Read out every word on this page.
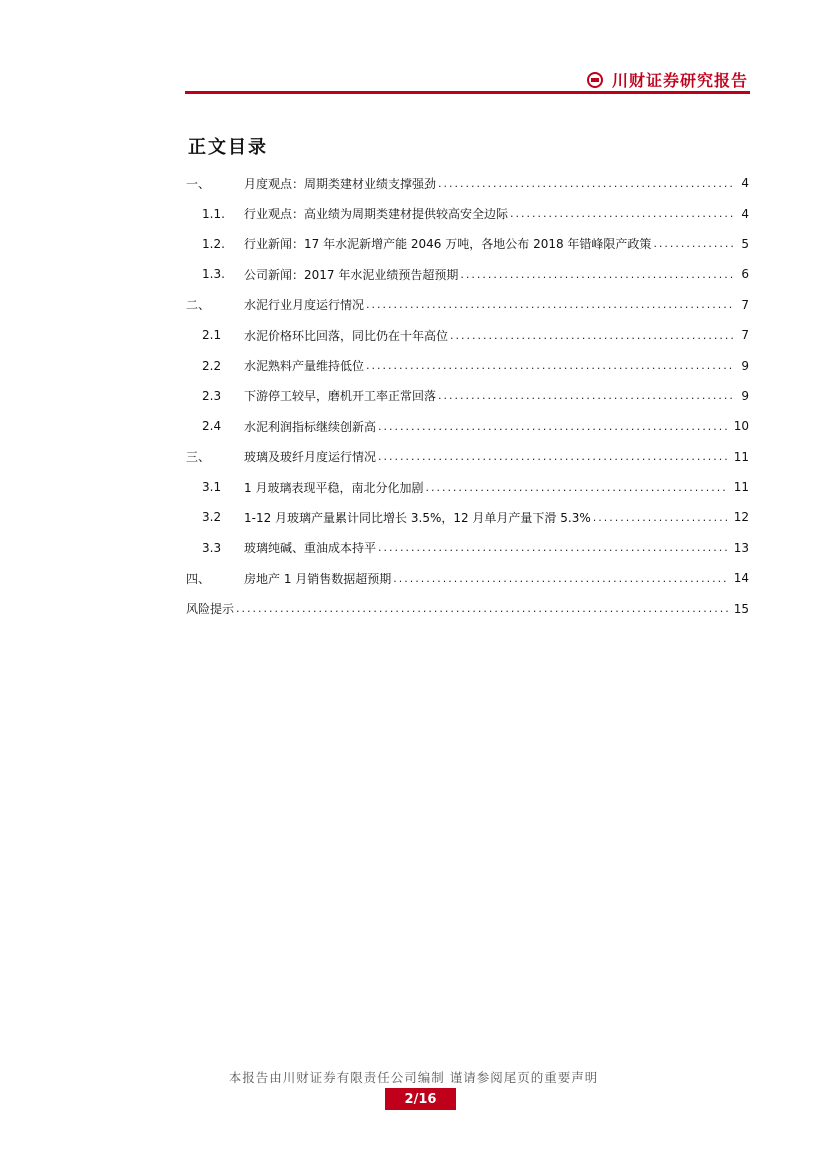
川财证券研究报告
正文目录
一、	月度观点：周期类建材业绩支撑强劲 .....	4
1.1.	行业观点：高业绩为周期类建材提供较高安全边际 .....	4
1.2.	行业新闻：17 年水泥新增产能 2046 万吨，各地公布 2018 年错峰限产政策 .....	5
1.3.	公司新闻：2017 年水泥业绩预告超预期 .....	6
二、	水泥行业月度运行情况 .....	7
2.1	水泥价格环比回落，同比仍在十年高位 .....	7
2.2	水泥熟料产量维持低位 .....	9
2.3	下游停工较早，磨机开工率正常回落 .....	9
2.4	水泥利润指标继续创新高 .....	10
三、	玻璃及玻纤月度运行情况 .....	11
3.1	1 月玻璃表现平稳，南北分化加剧 .....	11
3.2	1-12 月玻璃产量累计同比增长 3.5%，12 月单月产量下滑 5.3% .....	12
3.3	玻璃纯碱、重油成本持平 .....	13
四、	房地产 1 月销售数据超预期 .....	14
风险提示 .....	15
本报告由川财证券有限责任公司编制 谨请参阅尾页的重要声明
2/16
